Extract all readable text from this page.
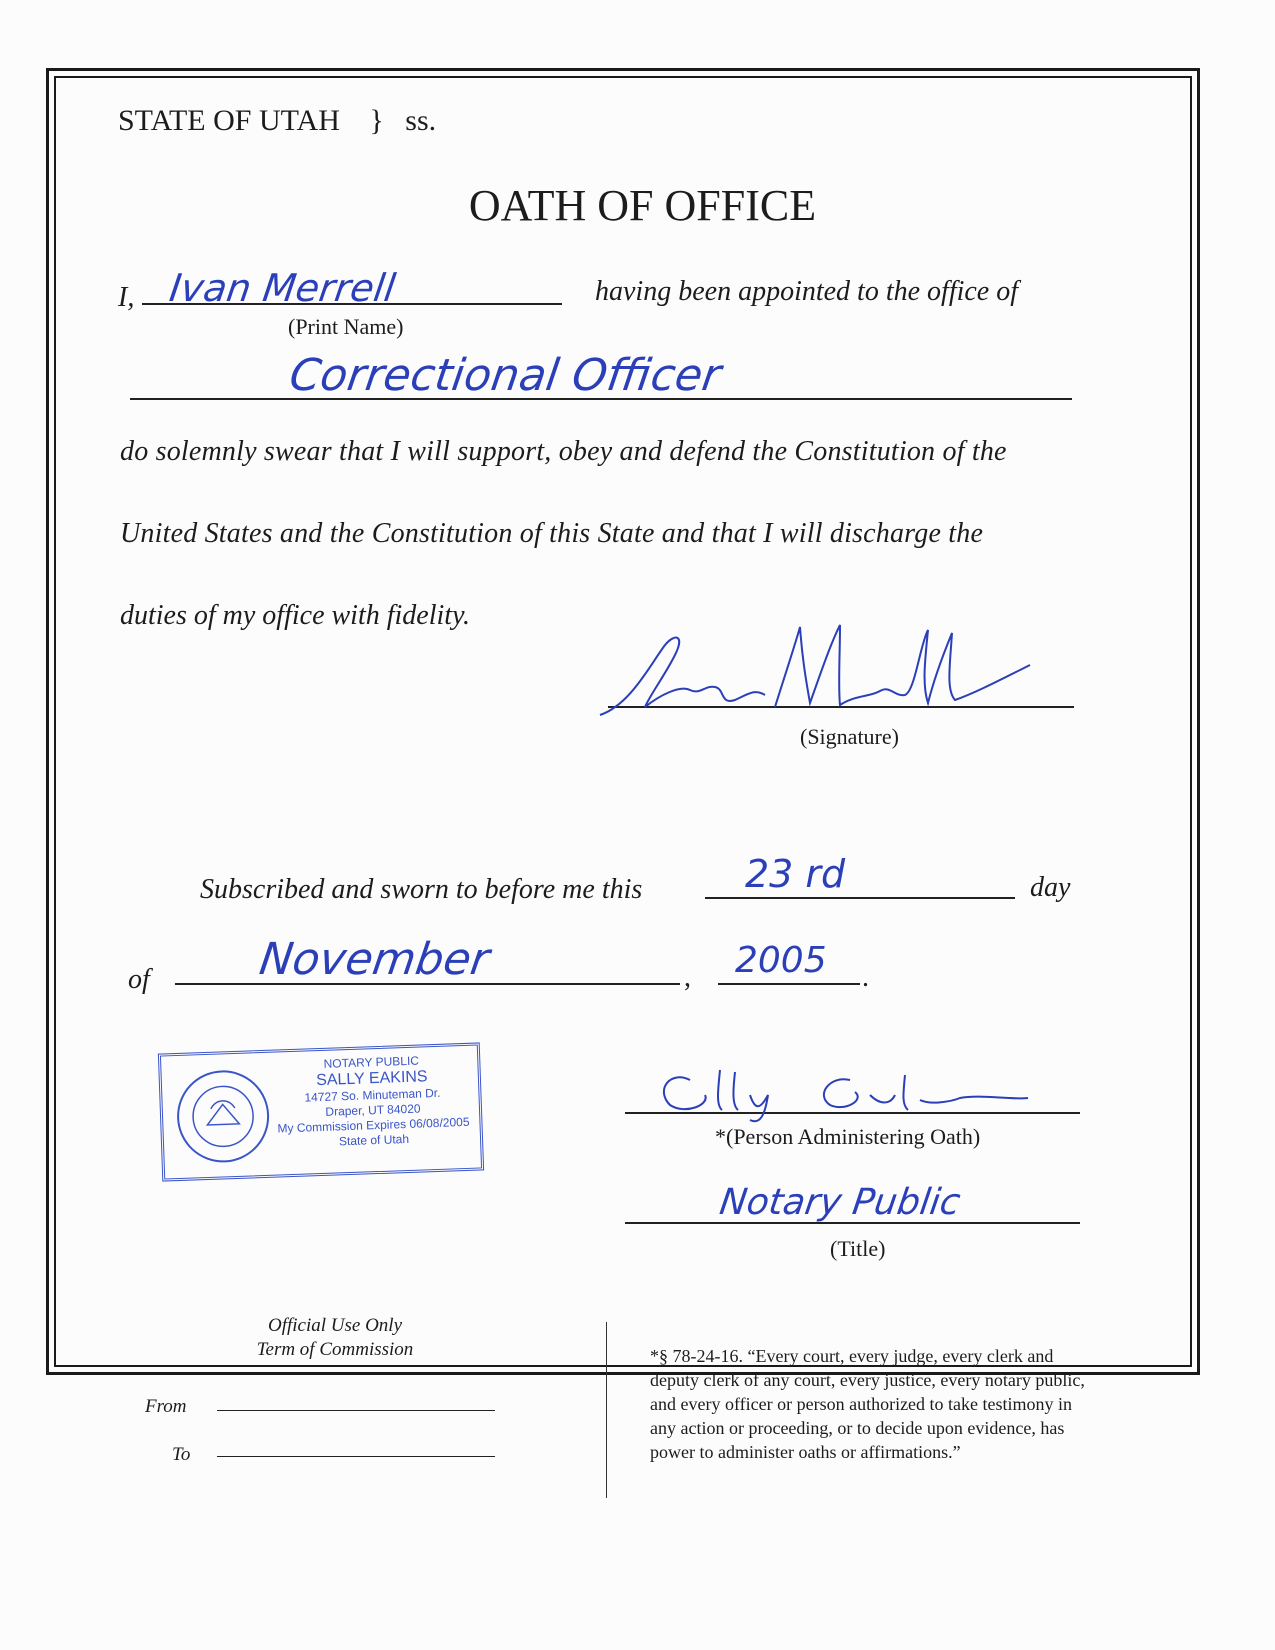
STATE OF UTAH } ss.
OATH OF OFFICE
I, Ivan Merrell
(Print Name)
having been appointed to the office of
Correctional Officer
do solemnly swear that I will support, obey and defend the Constitution of the
United States and the Constitution of this State and that I will discharge the
duties of my office with fidelity.
(Signature)
Subscribed and sworn to before me this	23 rd	day
of November	, 2005 .
NOTARY PUBLIC
SALLY EAKINS
14727 So. Minuteman Dr.
Draper, UT 84020
My Commission Expires 06/08/2005
State of Utah	*(Person Administering Oath)
Notary Public
(Title)
Official Use Only
Term of Commission
From
To
*§ 78-24-16. “Every court, every judge, every clerk and
deputy clerk of any court, every justice, every notary public,
and every officer or person authorized to take testimony in
any action or proceeding, or to decide upon evidence, has
power to administer oaths or affirmations.”
